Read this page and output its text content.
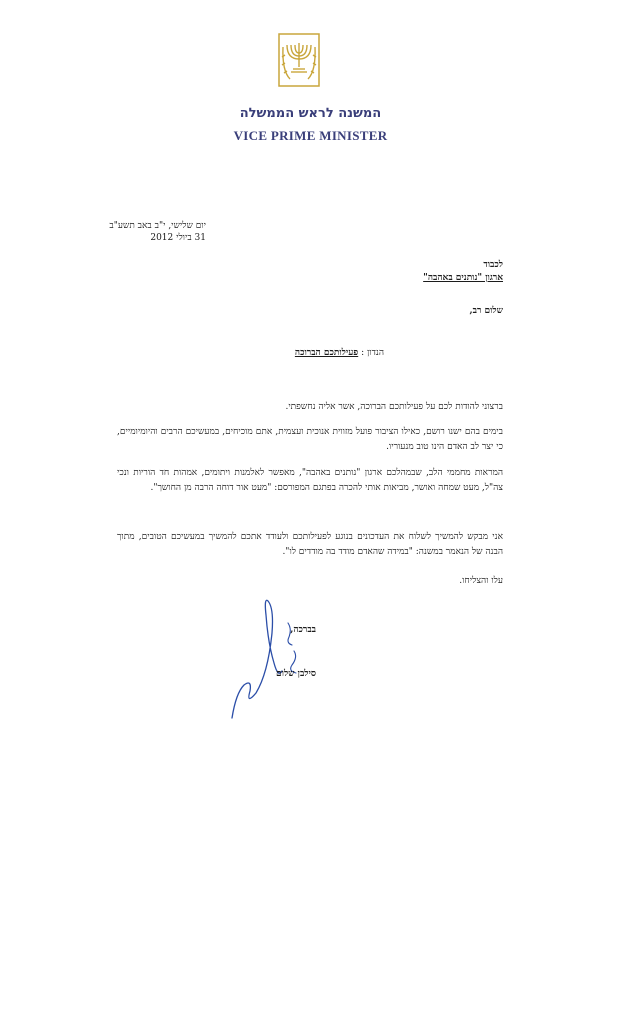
המשנה לראש הממשלה
VICE PRIME MINISTER
יום שלישי, י"ב באב תשע"ב
31 ביולי 2012
לכבוד
ארגון "נותנים באהבה"
שלום רב,
הנדון : פעילותכם הברוכה
ברצוני להודות לכם על פעילותכם הברוכה, אשר אליה נחשפתי.
בימים בהם ישנו רושם, כאילו הציבור פועל מזווית אנוכית ועצמית, אתם מוכיחים, במעשיכם הרבים והיומיומיים, כי יצר לב האדם הינו טוב מנעוריו.
המראות מחממי הלב, שבמהלכם ארגון "נותנים באהבה", מאפשר לאלמנות ויתומים, אמהות חד הוריות ונכי צה"ל, מעט שמחה ואושר, מביאות אותי להכרה בפתגם המפורסם: "מעט אור דוחה הרבה מן החושך".
אני מבקש להמשיך לשלוח את העדכונים בנוגע לפעילותכם ולעודד אתכם להמשיך במעשיכם הטובים, מתוך הבנה של הנאמר במשנה: "במידה שהאדם מודד בה מודדים לו".
עלו והצליחו.
בברכה,
סילבן שלום
